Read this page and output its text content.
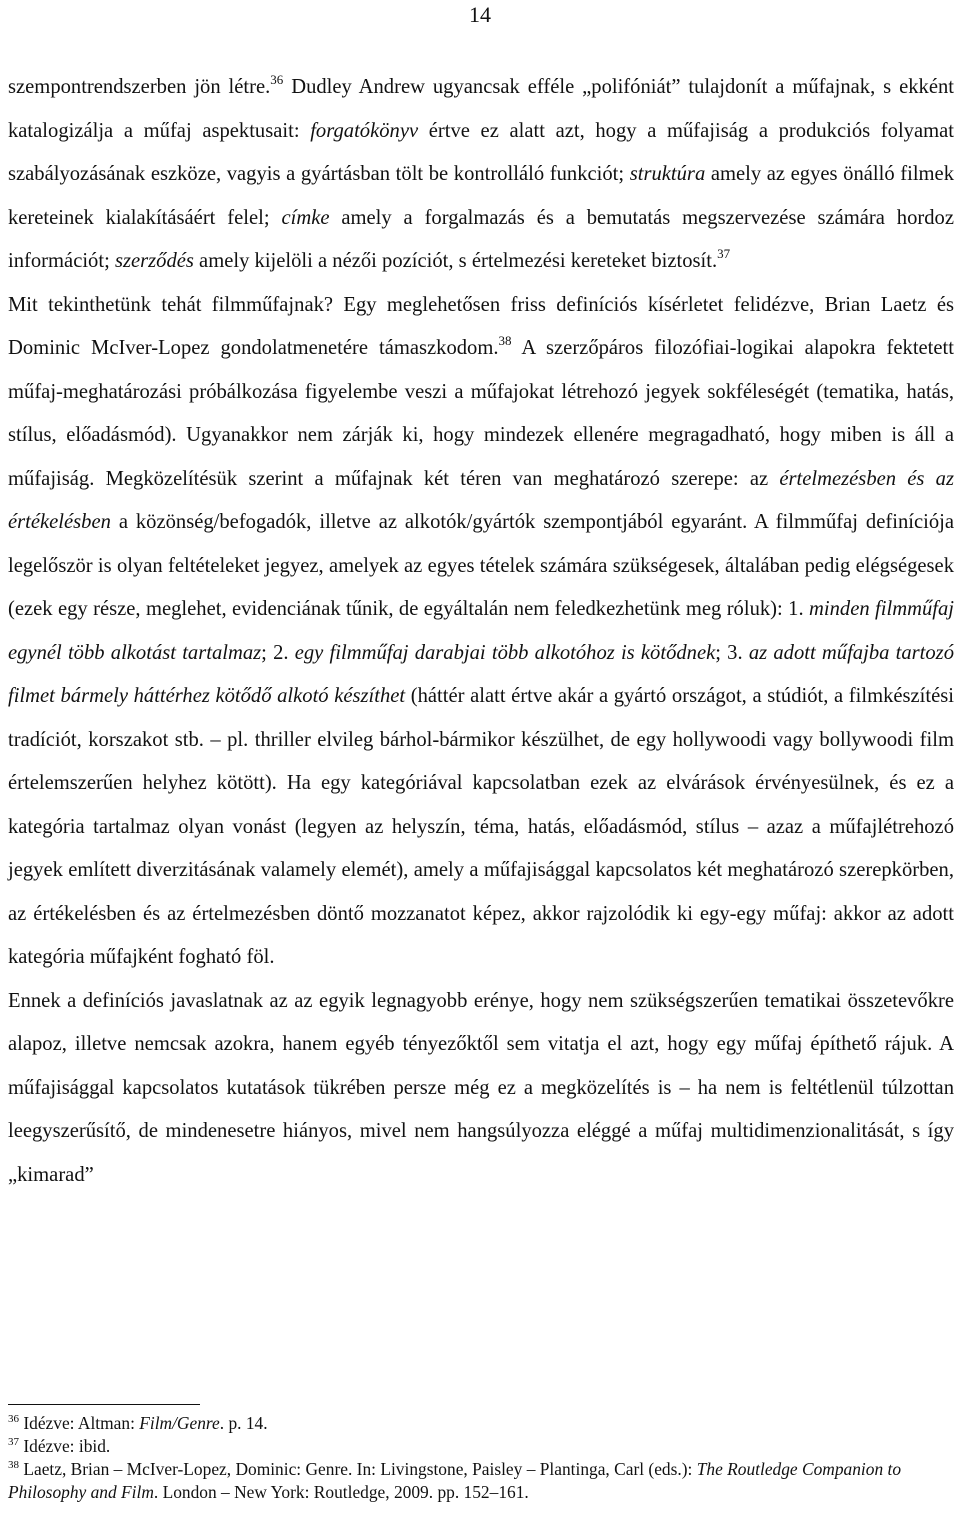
14

szempontrendszerben jön létre.$^{36}$ Dudley Andrew ugyancsak efféle „polifóniát” tulajdonít a műfajnak, s ekként katalogizálja a műfaj aspektusait: forgatókönyv értve ez alatt azt, hogy a műfajiság a produkciós folyamat szabályozásának eszköze, vagyis a gyártásban tölt be kontrolláló funkciót; struktúra amely az egyes önálló filmek kereteinek kialakításáért felel; címke amely a forgalmazás és a bemutatás megszervezése számára hordoz információt; szerződés amely kijelöli a nézői pozíciót, s értelmezési kereteket biztosít.$^{37}$

Mit tekinthetünk tehát filmműfajnak? Egy meglehetősen friss definíciós kísérletet felidézve, Brian Laetz és Dominic McIver-Lopez gondolatmenetére támaszkodom.$^{38}$ A szerzőpáros filozófiai-logikai alapokra fektetett műfaj-meghatározási próbálkozása figyelembe veszi a műfajokat létrehozó jegyek sokféleségét (tematika, hatás, stílus, előadásmód). Ugyanakkor nem zárják ki, hogy mindezek ellenére megragadható, hogy miben is áll a műfajiság. Megközelítésük szerint a műfajnak két téren van meghatározó szerepe: az értelmezésben és az értékelésben a közönség/befogadók, illetve az alkotók/gyártók szempontjából egyaránt. A filmműfaj definíciója legelőször is olyan feltételeket jegyez, amelyek az egyes tételek számára szükségesek, általában pedig elégségesek (ezek egy része, meglehet, evidenciának tűnik, de egyáltalán nem feledkezhetünk meg róluk): 1. minden filmműfaj egynél több alkotást tartalmaz; 2. egy filmműfaj darabjai több alkotóhoz is kötődnek; 3. az adott műfajba tartozó filmet bármely háttérhez kötődő alkotó készíthet (háttér alatt értve akár a gyártó országot, a stúdiót, a filmkészítési tradíciót, korszakot stb. – pl. thriller elvileg bárhol-bármikor készülhet, de egy hollywoodi vagy bollywoodi film értelemszerűen helyhez kötött). Ha egy kategóriával kapcsolatban ezek az elvárások érvényesülnek, és ez a kategória tartalmaz olyan vonást (legyen az helyszín, téma, hatás, előadásmód, stílus – azaz a műfajlétrehozó jegyek említett diverzitásának valamely elemét), amely a műfajisággal kapcsolatos két meghatározó szerepkörben, az értékelésben és az értelmezésben döntő mozzanatot képez, akkor rajzolódik ki egy-egy műfaj: akkor az adott kategória műfajként fogható föl.

Ennek a definíciós javaslatnak az az egyik legnagyobb erénye, hogy nem szükségszerűen tematikai összetevőkre alapoz, illetve nemcsak azokra, hanem egyéb tényezőktől sem vitatja el azt, hogy egy műfaj építhető rájuk. A műfajisággal kapcsolatos kutatások tükrében persze még ez a megközelítés is – ha nem is feltétlenül túlzottan leegyszerűsítő, de mindenesetre hiányos, mivel nem hangsúlyozza eléggé a műfaj multidimenzionalitását, s így „kimarad”

$^{36}$ Idézve: Altman: Film/Genre. p. 14.
$^{37}$ Idézve: ibid.
$^{38}$ Laetz, Brian – McIver-Lopez, Dominic: Genre. In: Livingstone, Paisley – Plantinga, Carl (eds.): The Routledge Companion to Philosophy and Film. London – New York: Routledge, 2009. pp. 152–161.
